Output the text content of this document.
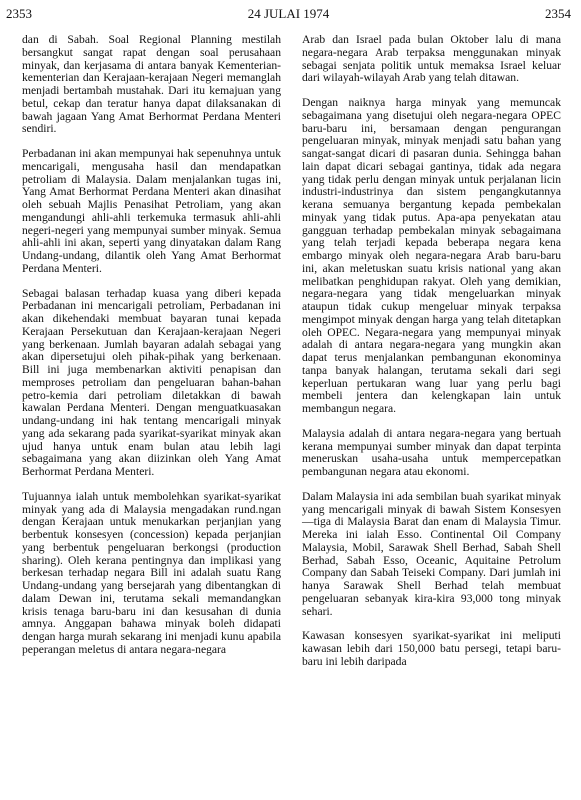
2353	24 JULAI 1974	2354

dan di Sabah. Soal Regional Planning mestilah bersangkut sangat rapat dengan soal perusahaan minyak, dan kerjasama di antara banyak Kementerian-kementerian dan Kerajaan-kerajaan Negeri memanglah menjadi bertambah mustahak. Dari itu kemajuan yang betul, cekap dan teratur hanya dapat dilaksanakan di bawah jagaan Yang Amat Berhormat Perdana Menteri sendiri.

Perbadanan ini akan mempunyai hak sepenuhnya untuk mencarigali, mengusaha hasil dan mendapatkan petroliam di Malaysia. Dalam menjalankan tugas ini, Yang Amat Berhormat Perdana Menteri akan dinasihat oleh sebuah Majlis Penasihat Petroliam, yang akan mengandungi ahli-ahli terkemuka termasuk ahli-ahli negeri-negeri yang mempunyai sumber minyak. Semua ahli-ahli ini akan, seperti yang dinyatakan dalam Rang Undang-undang, dilantik oleh Yang Amat Berhormat Perdana Menteri.

Sebagai balasan terhadap kuasa yang diberi kepada Perbadanan ini mencarigali petroliam, Perbadanan ini akan dikehendaki membuat bayaran tunai kepada Kerajaan Persekutuan dan Kerajaan-kerajaan Negeri yang berkenaan. Jumlah bayaran adalah sebagai yang akan dipersetujui oleh pihak-pihak yang berkenaan. Bill ini juga membenarkan aktiviti penapisan dan memproses petroliam dan pengeluaran bahan-bahan petro-kemia dari petroliam diletakkan di bawah kawalan Perdana Menteri. Dengan menguatkuasakan undang-undang ini hak tentang mencarigali minyak yang ada sekarang pada syarikat-syarikat minyak akan ujud hanya untuk enam bulan atau lebih lagi sebagaimana yang akan diizinkan oleh Yang Amat Berhormat Perdana Menteri.

Tujuannya ialah untuk membolehkan syarikat-syarikat minyak yang ada di Malaysia mengadakan rund.ngan dengan Kerajaan untuk menukarkan perjanjian yang berbentuk konsesyen (concession) kepada perjanjian yang berbentuk pengeluaran berkongsi (production sharing). Oleh kerana pentingnya dan implikasi yang berkesan terhadap negara Bill ini adalah suatu Rang Undang-undang yang bersejarah yang dibentangkan di dalam Dewan ini, terutama sekali memandangkan krisis tenaga baru-baru ini dan kesusahan di dunia amnya. Anggapan bahawa minyak boleh didapati dengan harga murah sekarang ini menjadi kunu apabila peperangan meletus di antara negara-negara

Arab dan Israel pada bulan Oktober lalu di mana negara-negara Arab terpaksa menggunakan minyak sebagai senjata politik untuk memaksa Israel keluar dari wilayah-wilayah Arab yang telah ditawan.

Dengan naiknya harga minyak yang memuncak sebagaimana yang disetujui oleh negara-negara OPEC baru-baru ini, bersamaan dengan pengurangan pengeluaran minyak, minyak menjadi satu bahan yang sangat-sangat dicari di pasaran dunia. Sehingga bahan lain dapat dicari sebagai gantinya, tidak ada negara yang tidak perlu dengan minyak untuk perjalanan licin industri-industrinya dan sistem pengangkutannya kerana semuanya bergantung kepada pembekalan minyak yang tidak putus. Apa-apa penyekatan atau gangguan terhadap pembekalan minyak sebagaimana yang telah terjadi kepada beberapa negara kena embargo minyak oleh negara-negara Arab baru-baru ini, akan meletuskan suatu krisis national yang akan melibatkan penghidupan rakyat. Oleh yang demikian, negara-negara yang tidak mengeluarkan minyak ataupun tidak cukup mengeluar minyak terpaksa mengimpot minyak dengan harga yang telah ditetapkan oleh OPEC. Negara-negara yang mempunyai minyak adalah di antara negara-negara yang mungkin akan dapat terus menjalankan pembangunan ekonominya tanpa banyak halangan, terutama sekali dari segi keperluan pertukaran wang luar yang perlu bagi membeli jentera dan kelengkapan lain untuk membangun negara.

Malaysia adalah di antara negara-negara yang bertuah kerana mempunyai sumber minyak dan dapat terpinta meneruskan usaha-usaha untuk mempercepatkan pembangunan negara atau ekonomi.

Dalam Malaysia ini ada sembilan buah syarikat minyak yang mencarigali minyak di bawah Sistem Konsesyen—tiga di Malaysia Barat dan enam di Malaysia Timur. Mereka ini ialah Esso. Continental Oil Company Malaysia, Mobil, Sarawak Shell Berhad, Sabah Shell Berhad, Sabah Esso, Oceanic, Aquitaine Petrolum Company dan Sabah Teiseki Company. Dari jumlah ini hanya Sarawak Shell Berhad telah membuat pengeluaran sebanyak kira-kira 93,000 tong minyak sehari.

Kawasan konsesyen syarikat-syarikat ini meliputi kawasan lebih dari 150,000 batu persegi, tetapi baru-baru ini lebih daripada
